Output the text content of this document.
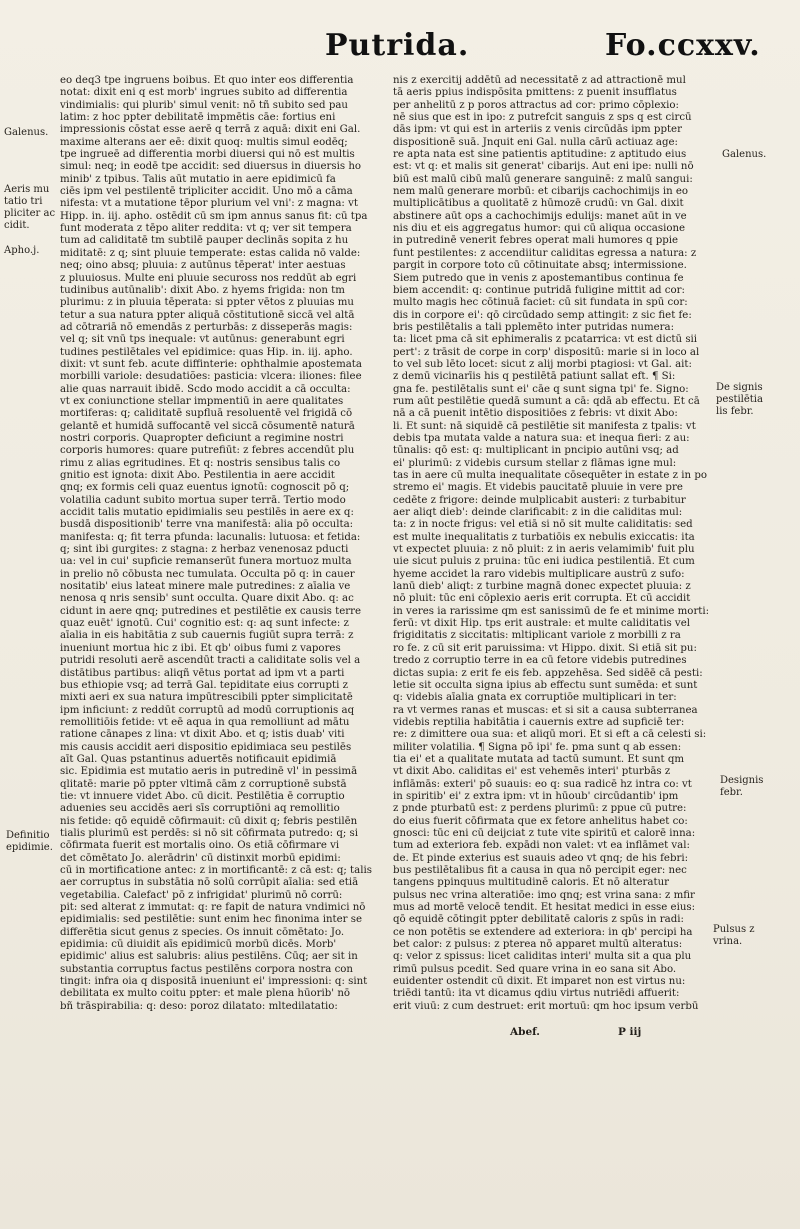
Putrida.	Fo.ccxxv.

eo deq3 tpe ingruens boibus. Et quo inter eos differentia

notat: dixit eni q est morb' ingrues subito ad differentia

vindimialis: qui plurib' simul venit: nō tñ subito sed pau

latim: z hoc ppter debilitatē impmētis cāe: fortius eni

impressionis cōstat esse aerē q terrā z aquā: dixit eni Gal.

maxime alterans aer eē: dixit quoq: multis simul eodēq;

tpe ingrueē ad differentia morbi diuersi qui nō est multis

simul: neq; in eodē tpe accidit: sed diuersus in diuersis ho

minib' z tpibus. Talis aūt mutatio in aere epidimicū fa

ciēs ipm vel pestilentē tripliciter accidit. Uno mō a cāma

nifesta: vt a mutatione tēpor plurium vel vni': z magna: vt

Hipp. in. iij. apho. ostēdit cū sm ipm annus sanus fit: cū tpa

funt moderata z tēpo aliter reddita: vt q; ver sit tempera

tum ad caliditatē tm subtilē pauper declinās sopita z hu

miditatē: z q; sint pluuie temperate: estas calida nō valde:

neq; oino absq; pluuia: z autūnus tēperat' inter aestuas

z pluuiosus. Multe eni pluuie secuross nos reddūt ab egri

tudinibus autūnalib': dixit Abo. z hyems frigida: non tm

plurimu: z in pluuia tēperata: si ppter vētos z pluuias mu

tetur a sua natura ppter aliquā cōstitutionē siccā vel altā

ad cōtrariā nō emendās z perturbās: z disseperās magis:

vel q; sit vnū tps inequale: vt autūnus: generabunt egri

tudines pestilētales vel epidimice: quas Hip. in. iij. apho.

dixit: vt sunt feb. acute diffinterie: ophthalmie apostemata

morbilli variole: desudatiões: pasticia: vlcera: iliones: filee

alie quas narrauit ibidē. Scdo modo accidit a cā occulta:

vt ex coniunctione stellar impmentiū in aere qualitates

mortiferas: q; caliditatē supfluā resoluentē vel frigidā cō

gelantē et humidā suffocantē vel siccā cōsumentē naturā

nostri corporis. Quapropter deficiunt a regimine nostri

corporis humores: quare putrefiūt: z febres accendūt plu

rimu z alias egritudines. Et q: nostris sensibus talis co

gnitio est ignota: dixit Abo. Pestilentia in aere accidit

qnq; ex formis celi quaz euentus ignotū: cognoscit pō q;

volatilia cadunt subito mortua super terrā. Tertio modo

accidit talis mutatio epidimialis seu pestilēs in aere ex q:

busdā dispositionib' terre vna manifestā: alia pō occulta:

manifesta: q; fit terra pfunda: lacunalis: lutuosa: et fetida:

q; sint ibi gurgites: z stagna: z herbaz venenosaz pducti

ua: vel in cui' supficie remanserūt funera mortuoz multa

in prelio nō cōbusta nec tumulata. Occulta pō q: in cauer

nositatib' eius lateat minere male putredines: z aīalia ve

nenosa q nris sensib' sunt occulta. Quare dixit Abo. q: ac

cidunt in aere qnq; putredines et pestilētie ex causis terre

quaz euēt' ignotū. Cui' cognitio est: q: aq sunt infecte: z

aīalia in eis habitātia z sub cauernis fugiūt supra terrā: z

inueniunt mortua hic z ibi. Et qb' oibus fumi z vapores

putridi resoluti aerē ascendūt tracti a caliditate solis vel a

distātibus partibus: aliqñ vētus portat ad ipm vt a parti

bus ethiopie vsq; ad terrā Gal. tepiditate eius corrupti z

mixti aeri ex sua natura impūtrescibili ppter simplicitatē

ipm inficiunt: z reddūt corruptū ad modū corruptionis aq

remollitiōis fetide: vt eē aqua in qua remolliunt ad mātu

ratione cānapes z lina: vt dixit Abo. et q; istis duab' viti

mis causis accidit aeri dispositio epidimiaca seu pestilēs

aīt Gal. Quas pstantinus aduertēs notificauit epidimiā

sic. Epidimia est mutatio aeris in putredinē vl' in pessimā

qlitatē: marie pō ppter vltimā cām z corruptionē substā

tie: vt innuere videt Abo. cū dicit. Pestilētia ē corruptio

aduenies seu accidēs aeri sīs corruptiōni aq remollitio

nis fetide: qō equidē cōfirmauit: cū dixit q; febris pestilēn

tialis plurimū est perdēs: si nō sit cōfirmata putredo: q; si

cōfirmata fuerit est mortalis oino. Ōs etiā cōfirmare vi

det cōmētato Jo. alerādrin' cū distinxit morbū epidimi:

cū in mortificatione antec: z in mortificantē: z cā est: q; talis

aer corruptus in substātia nō solū corrūpit aīalia: sed etiā

vegetabilia. Calefact' pō z infrigidat' plurimū nō corrū:

pit: sed alterat z immutat: q: re fapit de natura vndimici nō

epidimialis: sed pestilētie: sunt enim hec finonima inter se

differētia sicut genus z species. Ōs innuit cōmētato: Jo.

epidimia: cū diuidit aīs epidimicū morbū dicēs. Morb'

epidimic' alius est salubris: alius pestilēns. Cūq; aer sit in

substantia corruptus factus pestilēns corpora nostra con

tingit: infra oia q dispositā inueniunt ei' impressioni: q: sint

debilitata ex multo coitu ppter: et male plena hūorib' nō

bñ trāspirabilia: q: deso: poroz dilatato: mltedilatatio:

nis z exercitij addētū ad necessitatē z ad attractionē mul

tā aeris ppius indispōsita pmittens: z puenit insufflatus

per anhelitū z p poros attractus ad cor: primo cōplexio:

nē sius que est in ipo: z putrefcit sanguis z sps q est circū

dās ipm: vt qui est in arteriis z venis circūdās ipm ppter

dispositionē suā. Jnquit eni Gal. nulla cārū actiuaz age:

re apta nata est sine patientis aptitudine: z aptitudo eius

est: vt q: et malis sit generat' cibarijs. Aut eni ipe: nulli nō

biū est malū cibū malū generare sanguinē: z malū sangui:

nem malū generare morbū: et cibarijs cachochimijs in eo

multiplicātibus a quolitatē z hūmozē crudū: vn Gal. dixit

abstinere aūt ops a cachochimijs edulijs: manet aūt in ve

nis diu et eis aggregatus humor: qui cū aliqua occasione

in putredinē venerit febres operat mali humores q ppie

funt pestilentes: z accendiitur caliditas egressa a natura: z

pargit in corpore toto cū cōtinuitate absq; intermissione.

Siem putredo que in venis z apostemantibus continua fe

biem accendit: q: continue putridā fuligine mittit ad cor:

multo magis hec cōtinuā faciet: cū sit fundata in spū cor:

dis in corpore ei': qō circūdado semp attingit: z sic fiet fe:

bris pestilētalis a tali pplemēto inter putridas numera:

ta: licet pma cā sit ephimeralis z pcatarrica: vt est dictū sii

pert': z trāsit de corpe in corp' dispositū: marie si in loco al

to vel sub lēto locet: sicut z alij morbi ptagiosi: vt Gal. ait:

z demū vicinarīis his q pestilētā patiunt sallat eft. ¶ Si:

gna fe. pestilētalis sunt ei' cāe q sunt signa tpi' fe. Signo:

rum aūt pestilētie quedā sumunt a cā: qdā ab effectu. Et cā

nā a cā puenit intētio dispositiōes z febris: vt dixit Abo:

li. Et sunt: nā siquidē cā pestilētie sit manifesta z tpalis: vt

debis tpa mutata valde a natura sua: et inequa fieri: z au:

tūnalis: qō est: q: multiplicant in pncipio autūni vsq; ad

ei' plurimū: z videbis cursum stellar z flāmas igne mul:

tas in aere cū multa inequalitate cōsequēter in estate z in po

stremo ei' magis. Et videbis paucitatē pluuie in vere pre

cedēte z frigore: deinde mulplicabit austeri: z turbabitur

aer aliqt dieb': deinde clarificabit: z in die caliditas mul:

ta: z in nocte frigus: vel etiā si nō sit multe caliditatis: sed

est multe inequalitatis z turbatiōis ex nebulis exiccatis: ita

vt expectet pluuia: z nō pluit: z in aeris velamimib' fuit plu

uie sicut puluis z pruina: tūc eni iudica pestilentiā. Et cum

hyeme accidet la raro videbis multiplicare austrū z sufo:

lanū dieb' aliqt: z turbine magnā donec expectet pluuia: z

nō pluit: tūc eni cōplexio aeris erit corrupta. Et cū accidit

in veres ia rarissime qm est sanissimū de fe et minime morti:

ferū: vt dixit Hip. tps erit australe: et multe caliditatis vel

frigiditatis z siccitatis: mltiplicant variole z morbilli z ra

ro fe. z cū sit erit paruissima: vt Hippo. dixit. Si etiā sit pu:

tredo z corruptio terre in ea cū fetore videbis putredines

dictas supia: z erit fe eis feb. appzehēsa. Sed sidēē cā pesti:

letie sit occulta signa ipius ab effectu sunt sumēda: et sunt

q: videbis aīalia gnata ex corruptiōe multiplicari in ter:

ra vt vermes ranas et muscas: et si sit a causa subterranea

videbis reptilia habitātia i cauernis extre ad supficiē ter:

re: z dimittere oua sua: et aliqū mori. Et si eft a cā celesti si:

militer volatilia. ¶ Signa pō ipi' fe. pma sunt q ab essen:

tia ei' et a qualitate mutata ad tactū sumunt. Et sunt qm

vt dixit Abo. caliditas ei' est vehemēs interi' pturbās z

inflāmās: exteri' pō suauis: eo q: sua radicē hz intra co: vt

in spiritib' ei' z extra ipm: vt in hūoub' circūdantib' ipm

z pnde pturbatū est: z perdens plurimū: z ppue cū putre:

do eius fuerit cōfirmata que ex fetore anhelitus habet co:

gnosci: tūc eni cū deijciat z tute vite spiritū et calorē inna:

tum ad exteriora feb. expādi non valet: vt ea inflāmet val:

de. Et pinde exterius est suauis adeo vt qnq; de his febri:

bus pestilētalibus fit a causa in qua nō percipit eger: nec

tangens ppinquus multitudinē caloris. Et nō alteratur

pulsus nec vrina alteratiōe: imo qnq; est vrina sana: z mfir

mus ad mortē velocē tendit. Et hesitat medici in esse eius:

qō equidē cōtingit ppter debilitatē caloris z spūs in radi:

ce non potētis se extendere ad exteriora: in qb' percipi ha

bet calor: z pulsus: z pterea nō apparet multū alteratus:

q: velor z spissus: licet caliditas interi' multa sit a qua plu

rimū pulsus pcedit. Sed quare vrina in eo sana sit Abo.

euidenter ostendit cū dixit. Et imparet non est virtus nu:

triēdi tantū: ita vt dicamus qdiu virtus nutriēdi affuerit:

erit viuū: z cum destruet: erit mortuū: qm hoc ipsum verbū

Galenus.
Aeris mu
tatio tri
pliciter ac
cidit.
Apho.j.
Definitio
epidimie.
Galenus.
De signis
pestilētia
lis febr.
Designis
febr.
Pulsus z
vrina.
Abef.	P iij
